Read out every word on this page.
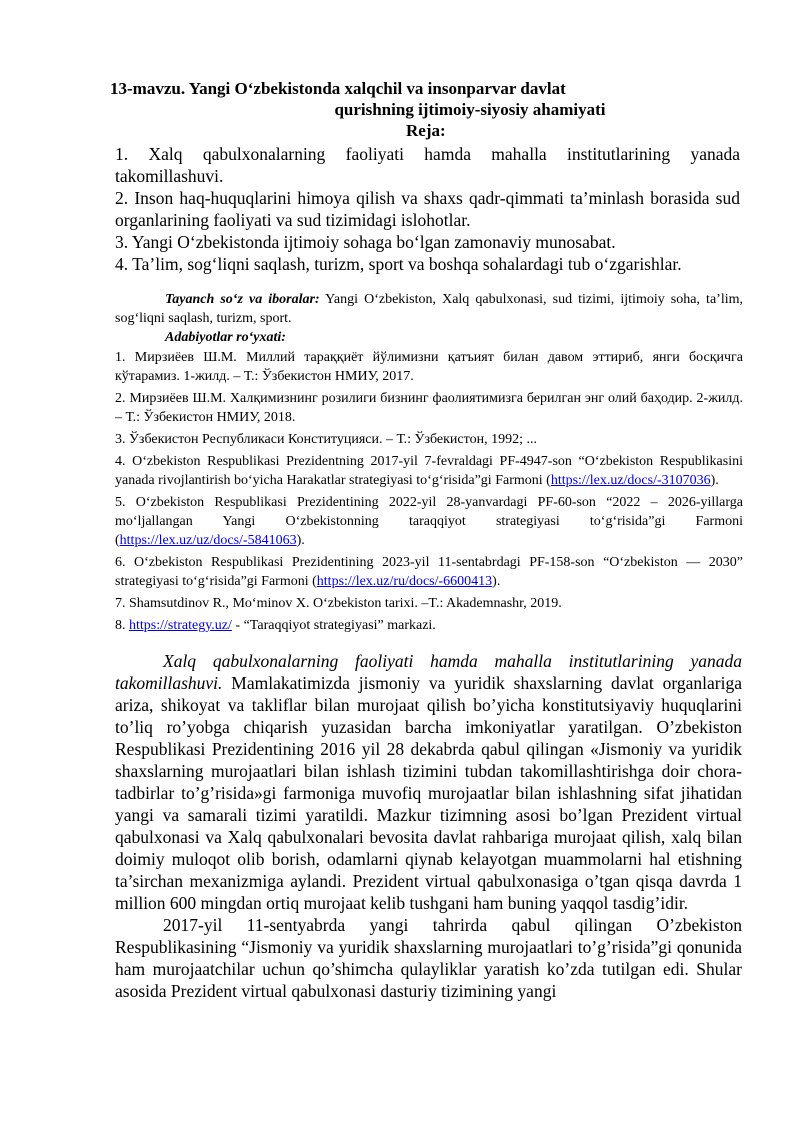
13-mavzu. Yangi O‘zbekistonda xalqchil va insonparvar davlat
qurishning ijtimoiy-siyosiy ahamiyati
Reja:

1. Xalq qabulxonalarning faoliyati hamda mahalla institutlarining yanada takomillashuvi.

2. Inson haq-huquqlarini himoya qilish va shaxs qadr-qimmati ta’minlash borasida sud organlarining faoliyati va sud tizimidagi islohotlar.

3. Yangi O‘zbekistonda ijtimoiy sohaga bo‘lgan zamonaviy munosabat.

4. Ta’lim, sog‘liqni saqlash, turizm, sport va boshqa sohalardagi tub o‘zgarishlar.

Tayanch so‘z va iboralar: Yangi O‘zbekiston, Xalq qabulxonasi, sud tizimi, ijtimoiy soha, ta’lim, sog‘liqni saqlash, turizm, sport.
Adabiyotlar ro‘yxati:

1. Мирзиёев Ш.М. Миллий тараққиёт йўлимизни қатъият билан давом эттириб, янги босқичга кўтарамиз. 1-жилд. – Т.: Ўзбекистон НМИУ, 2017.

2. Мирзиёев Ш.М. Халқимизнинг розилиги бизнинг фаолиятимизга берилган энг олий баҳодир. 2-жилд. – Т.: Ўзбекистон НМИУ, 2018.

3. Ўзбекистон Республикаси Конституцияси. – Т.: Ўзбекистон, 1992; ...

4. O‘zbekiston Respublikasi Prezidentning 2017-yil 7-fevraldagi PF-4947-son “O‘zbekiston Respublikasini yanada rivojlantirish bo‘yicha Harakatlar strategiyasi to‘g‘risida”gi Farmoni (https://lex.uz/docs/-3107036).

5. O‘zbekiston Respublikasi Prezidentining 2022-yil 28-yanvardagi PF-60-son “2022 – 2026-yillarga mo‘ljallangan Yangi O‘zbekistonning taraqqiyot strategiyasi to‘g‘risida”gi Farmoni (https://lex.uz/uz/docs/-5841063).

6. O‘zbekiston Respublikasi Prezidentining 2023-yil 11-sentabrdagi PF-158-son “O‘zbekiston — 2030” strategiyasi to‘g‘risida”gi Farmoni (https://lex.uz/ru/docs/-6600413).

7. Shamsutdinov R., Mo‘minov X. O‘zbekiston tarixi. –T.: Akademnashr, 2019.

8. https://strategy.uz/ - “Taraqqiyot strategiyasi” markazi.

Xalq qabulxonalarning faoliyati hamda mahalla institutlarining yanada takomillashuvi. Mamlakatimizda jismoniy va yuridik shaxslarning davlat organlariga ariza, shikoyat va takliflar bilan murojaat qilish bo’yicha konstitutsiyaviy huquqlarini to’liq ro’yobga chiqarish yuzasidan barcha imkoniyatlar yaratilgan. O’zbekiston Respublikasi Prezidentining 2016 yil 28 dekabrda qabul qilingan «Jismoniy va yuridik shaxslarning murojaatlari bilan ishlash tizimini tubdan takomillashtirishga doir chora-tadbirlar to’g’risida»gi farmoniga muvofiq murojaatlar bilan ishlashning sifat jihatidan yangi va samarali tizimi yaratildi. Mazkur tizimning asosi bo’lgan Prezident virtual qabulxonasi va Xalq qabulxonalari bevosita davlat rahbariga murojaat qilish, xalq bilan doimiy muloqot olib borish, odamlarni qiynab kelayotgan muammolarni hal etishning ta’sirchan mexanizmiga aylandi. Prezident virtual qabulxonasiga o’tgan qisqa davrda 1 million 600 mingdan ortiq murojaat kelib tushgani ham buning yaqqol tasdig’idir.

2017-yil 11-sentyabrda yangi tahrirda qabul qilingan O’zbekiston Respublikasining “Jismoniy va yuridik shaxslarning murojaatlari to’g’risida”gi qonunida ham murojaatchilar uchun qo’shimcha qulayliklar yaratish ko’zda tutilgan edi. Shular asosida Prezident virtual qabulxonasi dasturiy tizimining yangi
